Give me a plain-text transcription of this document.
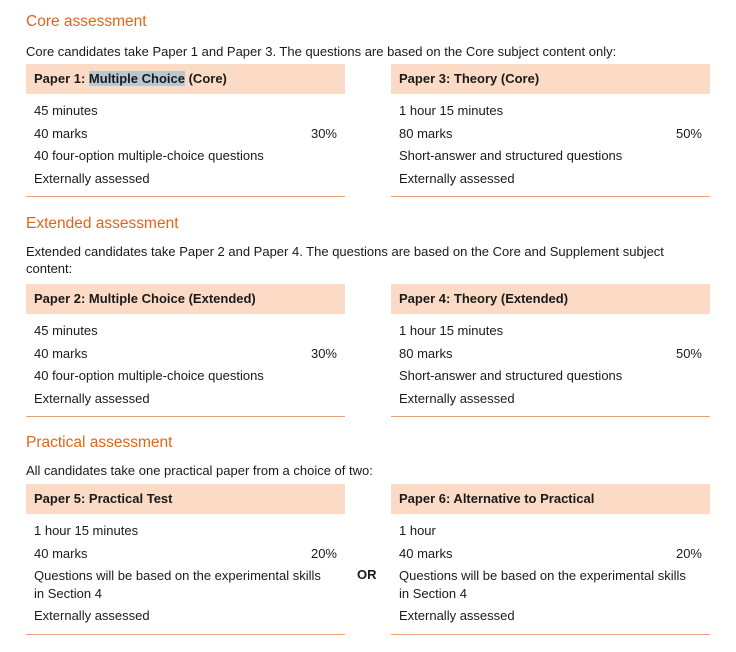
Core assessment

Core candidates take Paper 1 and Paper 3. The questions are based on the Core subject content only:

Paper 1: Multiple Choice (Core)
45 minutes
40 marks	30%
40 four-option multiple-choice questions
Externally assessed
Paper 3: Theory (Core)
1 hour 15 minutes
80 marks	50%
Short-answer and structured questions
Externally assessed

Extended assessment

Extended candidates take Paper 2 and Paper 4. The questions are based on the Core and Supplement subject

content:

Paper 2: Multiple Choice (Extended)
45 minutes
40 marks	30%
40 four-option multiple-choice questions
Externally assessed
Paper 4: Theory (Extended)
1 hour 15 minutes
80 marks	50%
Short-answer and structured questions
Externally assessed

Practical assessment

All candidates take one practical paper from a choice of two:

Paper 5: Practical Test
1 hour 15 minutes
40 marks	20%
Questions will be based on the experimental skills
in Section 4
Externally assessed
OR
Paper 6: Alternative to Practical
1 hour
40 marks	20%
Questions will be based on the experimental skills
in Section 4
Externally assessed
